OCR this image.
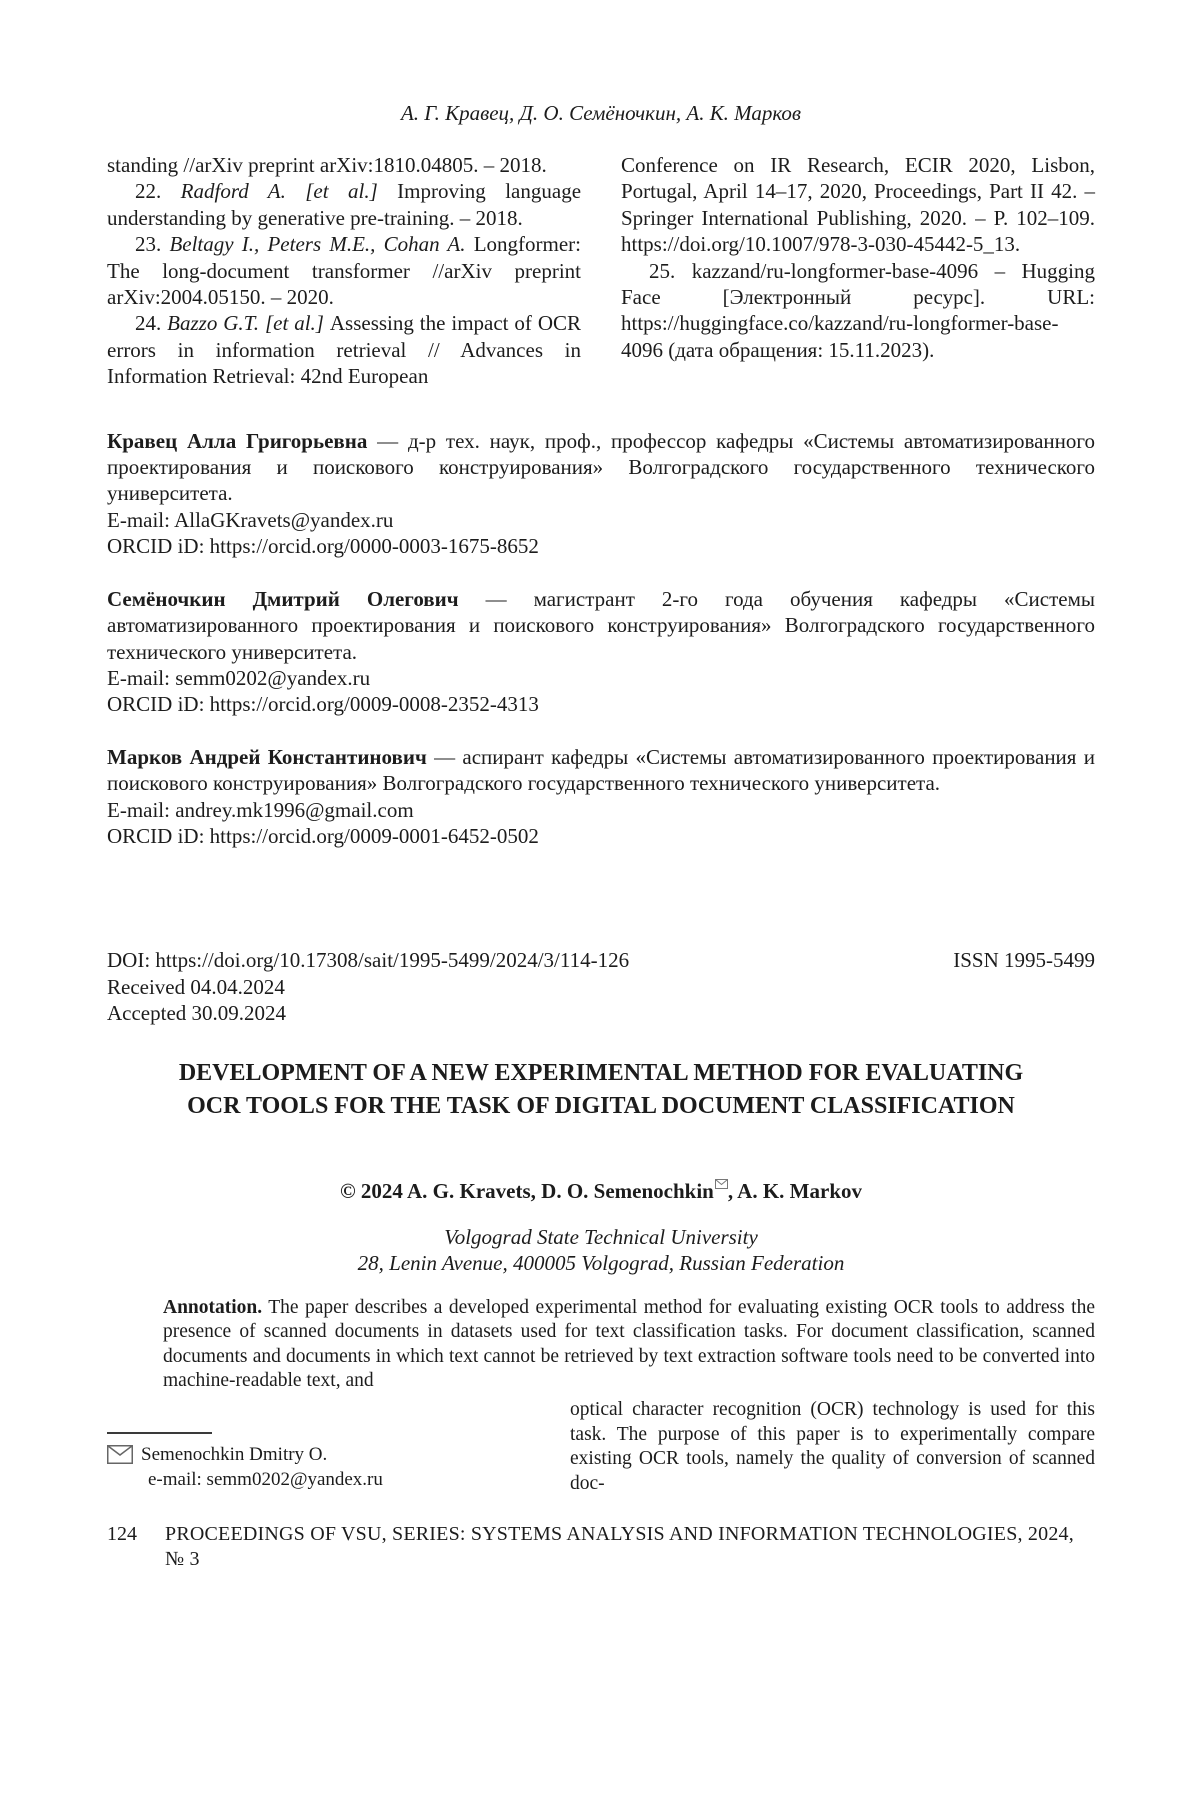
А. Г. Кравец, Д. О. Семёночкин, А. К. Марков

standing //arXiv preprint arXiv:1810.04805. – 2018.

22. Radford A. [et al.] Improving language understanding by generative pre-training. – 2018.

23. Beltagy I., Peters M.E., Cohan A. Longformer: The long-document transformer //arXiv preprint arXiv:2004.05150. – 2020.

24. Bazzo G.T. [et al.] Assessing the impact of OCR errors in information retrieval // Advances in Information Retrieval: 42nd European

Conference on IR Research, ECIR 2020, Lisbon, Portugal, April 14–17, 2020, Proceedings, Part II 42. – Springer International Publishing, 2020. – P. 102–109. https://doi.org/10.1007/978-3-030-45442-5_13.

25. kazzand/ru-longformer-base-4096 – Hugging Face [Электронный ресурс]. URL: https://huggingface.co/kazzand/ru-longformer-base-4096 (дата обращения: 15.11.2023).

Кравец Алла Григорьевна — д-р тех. наук, проф., профессор кафедры «Системы автоматизированного проектирования и поискового конструирования» Волгоградского государственного технического университета.

E-mail: AllaGKravets@yandex.ru

ORCID iD: https://orcid.org/0000-0003-1675-8652

Семёночкин Дмитрий Олегович — магистрант 2-го года обучения кафедры «Системы автоматизированного проектирования и поискового конструирования» Волгоградского государственного технического университета.

E-mail: semm0202@yandex.ru

ORCID iD: https://orcid.org/0009-0008-2352-4313

Марков Андрей Константинович — аспирант кафедры «Системы автоматизированного проектирования и поискового конструирования» Волгоградского государственного технического университета.

E-mail: andrey.mk1996@gmail.com

ORCID iD: https://orcid.org/0009-0001-6452-0502

DOI: https://doi.org/10.17308/sait/1995-5499/2024/3/114-126	ISSN 1995-5499

Received 04.04.2024

Accepted 30.09.2024

DEVELOPMENT OF A NEW EXPERIMENTAL METHOD FOR EVALUATING OCR TOOLS FOR THE TASK OF DIGITAL DOCUMENT CLASSIFICATION

© 2024 A. G. Kravets, D. O. Semenochkin , A. K. Markov

Volgograd State Technical University

28, Lenin Avenue, 400005 Volgograd, Russian Federation

Annotation. The paper describes a developed experimental method for evaluating existing OCR tools to address the presence of scanned documents in datasets used for text classification tasks. For document classification, scanned documents and documents in which text cannot be retrieved by text extraction software tools need to be converted into machine-readable text, and

Semenochkin Dmitry O.

e-mail: semm0202@yandex.ru

optical character recognition (OCR) technology is used for this task. The purpose of this paper is to experimentally compare existing OCR tools, namely the quality of conversion of scanned doc-

124 PROCEEDINGS OF VSU, SERIES: SYSTEMS ANALYSIS AND INFORMATION TECHNOLOGIES, 2024, № 3
